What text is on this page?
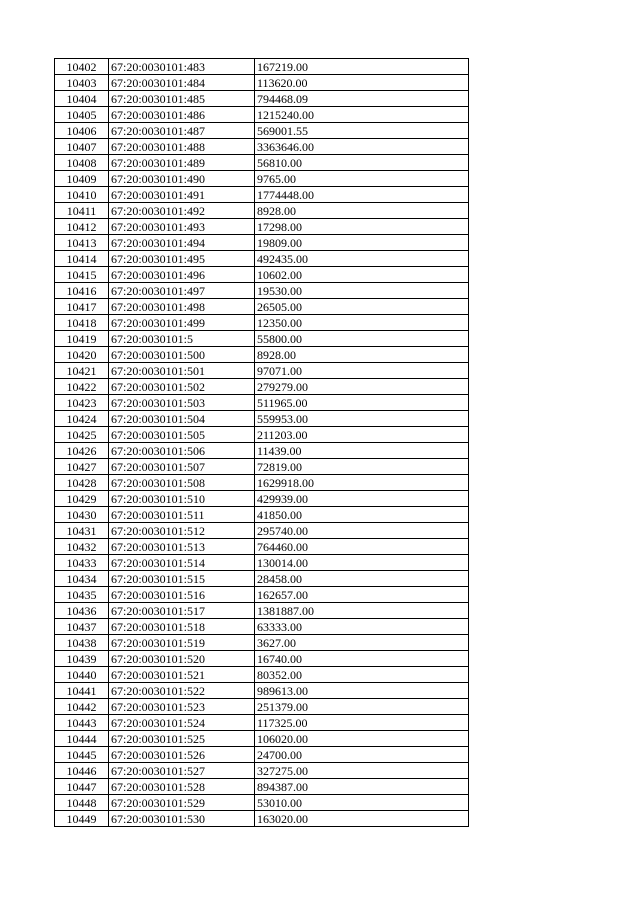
10402	67:20:0030101:483	167219.00
10403	67:20:0030101:484	113620.00
10404	67:20:0030101:485	794468.09
10405	67:20:0030101:486	1215240.00
10406	67:20:0030101:487	569001.55
10407	67:20:0030101:488	3363646.00
10408	67:20:0030101:489	56810.00
10409	67:20:0030101:490	9765.00
10410	67:20:0030101:491	1774448.00
10411	67:20:0030101:492	8928.00
10412	67:20:0030101:493	17298.00
10413	67:20:0030101:494	19809.00
10414	67:20:0030101:495	492435.00
10415	67:20:0030101:496	10602.00
10416	67:20:0030101:497	19530.00
10417	67:20:0030101:498	26505.00
10418	67:20:0030101:499	12350.00
10419	67:20:0030101:5	55800.00
10420	67:20:0030101:500	8928.00
10421	67:20:0030101:501	97071.00
10422	67:20:0030101:502	279279.00
10423	67:20:0030101:503	511965.00
10424	67:20:0030101:504	559953.00
10425	67:20:0030101:505	211203.00
10426	67:20:0030101:506	11439.00
10427	67:20:0030101:507	72819.00
10428	67:20:0030101:508	1629918.00
10429	67:20:0030101:510	429939.00
10430	67:20:0030101:511	41850.00
10431	67:20:0030101:512	295740.00
10432	67:20:0030101:513	764460.00
10433	67:20:0030101:514	130014.00
10434	67:20:0030101:515	28458.00
10435	67:20:0030101:516	162657.00
10436	67:20:0030101:517	1381887.00
10437	67:20:0030101:518	63333.00
10438	67:20:0030101:519	3627.00
10439	67:20:0030101:520	16740.00
10440	67:20:0030101:521	80352.00
10441	67:20:0030101:522	989613.00
10442	67:20:0030101:523	251379.00
10443	67:20:0030101:524	117325.00
10444	67:20:0030101:525	106020.00
10445	67:20:0030101:526	24700.00
10446	67:20:0030101:527	327275.00
10447	67:20:0030101:528	894387.00
10448	67:20:0030101:529	53010.00
10449	67:20:0030101:530	163020.00
